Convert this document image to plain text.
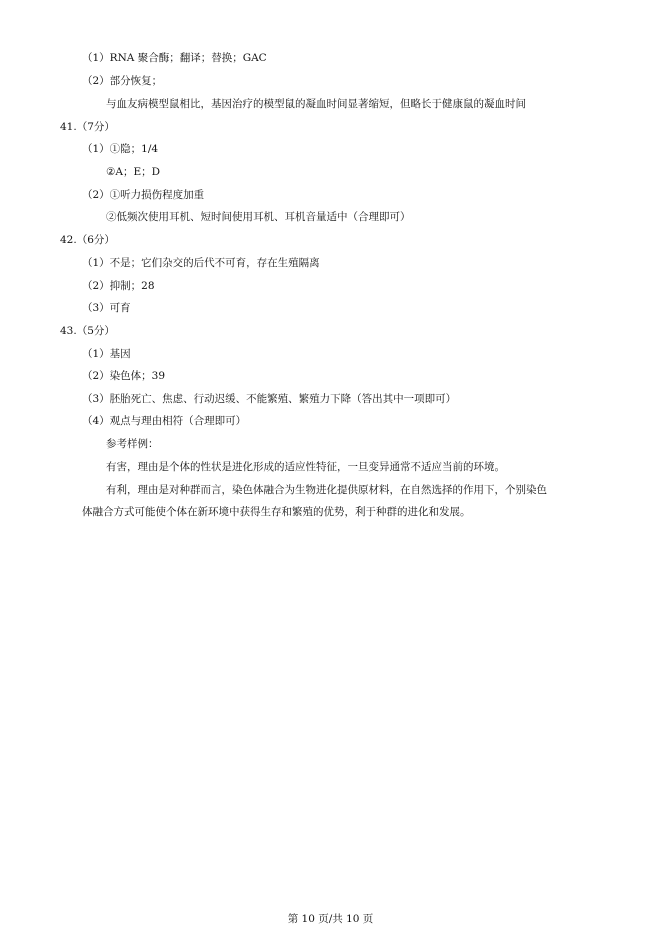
（1）RNA 聚合酶；翻译；替换；GAC
（2）部分恢复；
与血友病模型鼠相比，基因治疗的模型鼠的凝血时间显著缩短，但略长于健康鼠的凝血时间
41.（7分）
（1）①隐；1/4
②A；E；D
（2）①听力损伤程度加重
②低频次使用耳机、短时间使用耳机、耳机音量适中（合理即可）
42.（6分）
（1）不是；它们杂交的后代不可育，存在生殖隔离
（2）抑制；28
（3）可育
43.（5分）
（1）基因
（2）染色体；39
（3）胚胎死亡、焦虑、行动迟缓、不能繁殖、繁殖力下降（答出其中一项即可）
（4）观点与理由相符（合理即可）
参考样例：
有害，理由是个体的性状是进化形成的适应性特征，一旦变异通常不适应当前的环境。
有利，理由是对种群而言，染色体融合为生物进化提供原材料，在自然选择的作用下，个别染色
体融合方式可能使个体在新环境中获得生存和繁殖的优势，利于种群的进化和发展。
第 10 页/共 10 页
